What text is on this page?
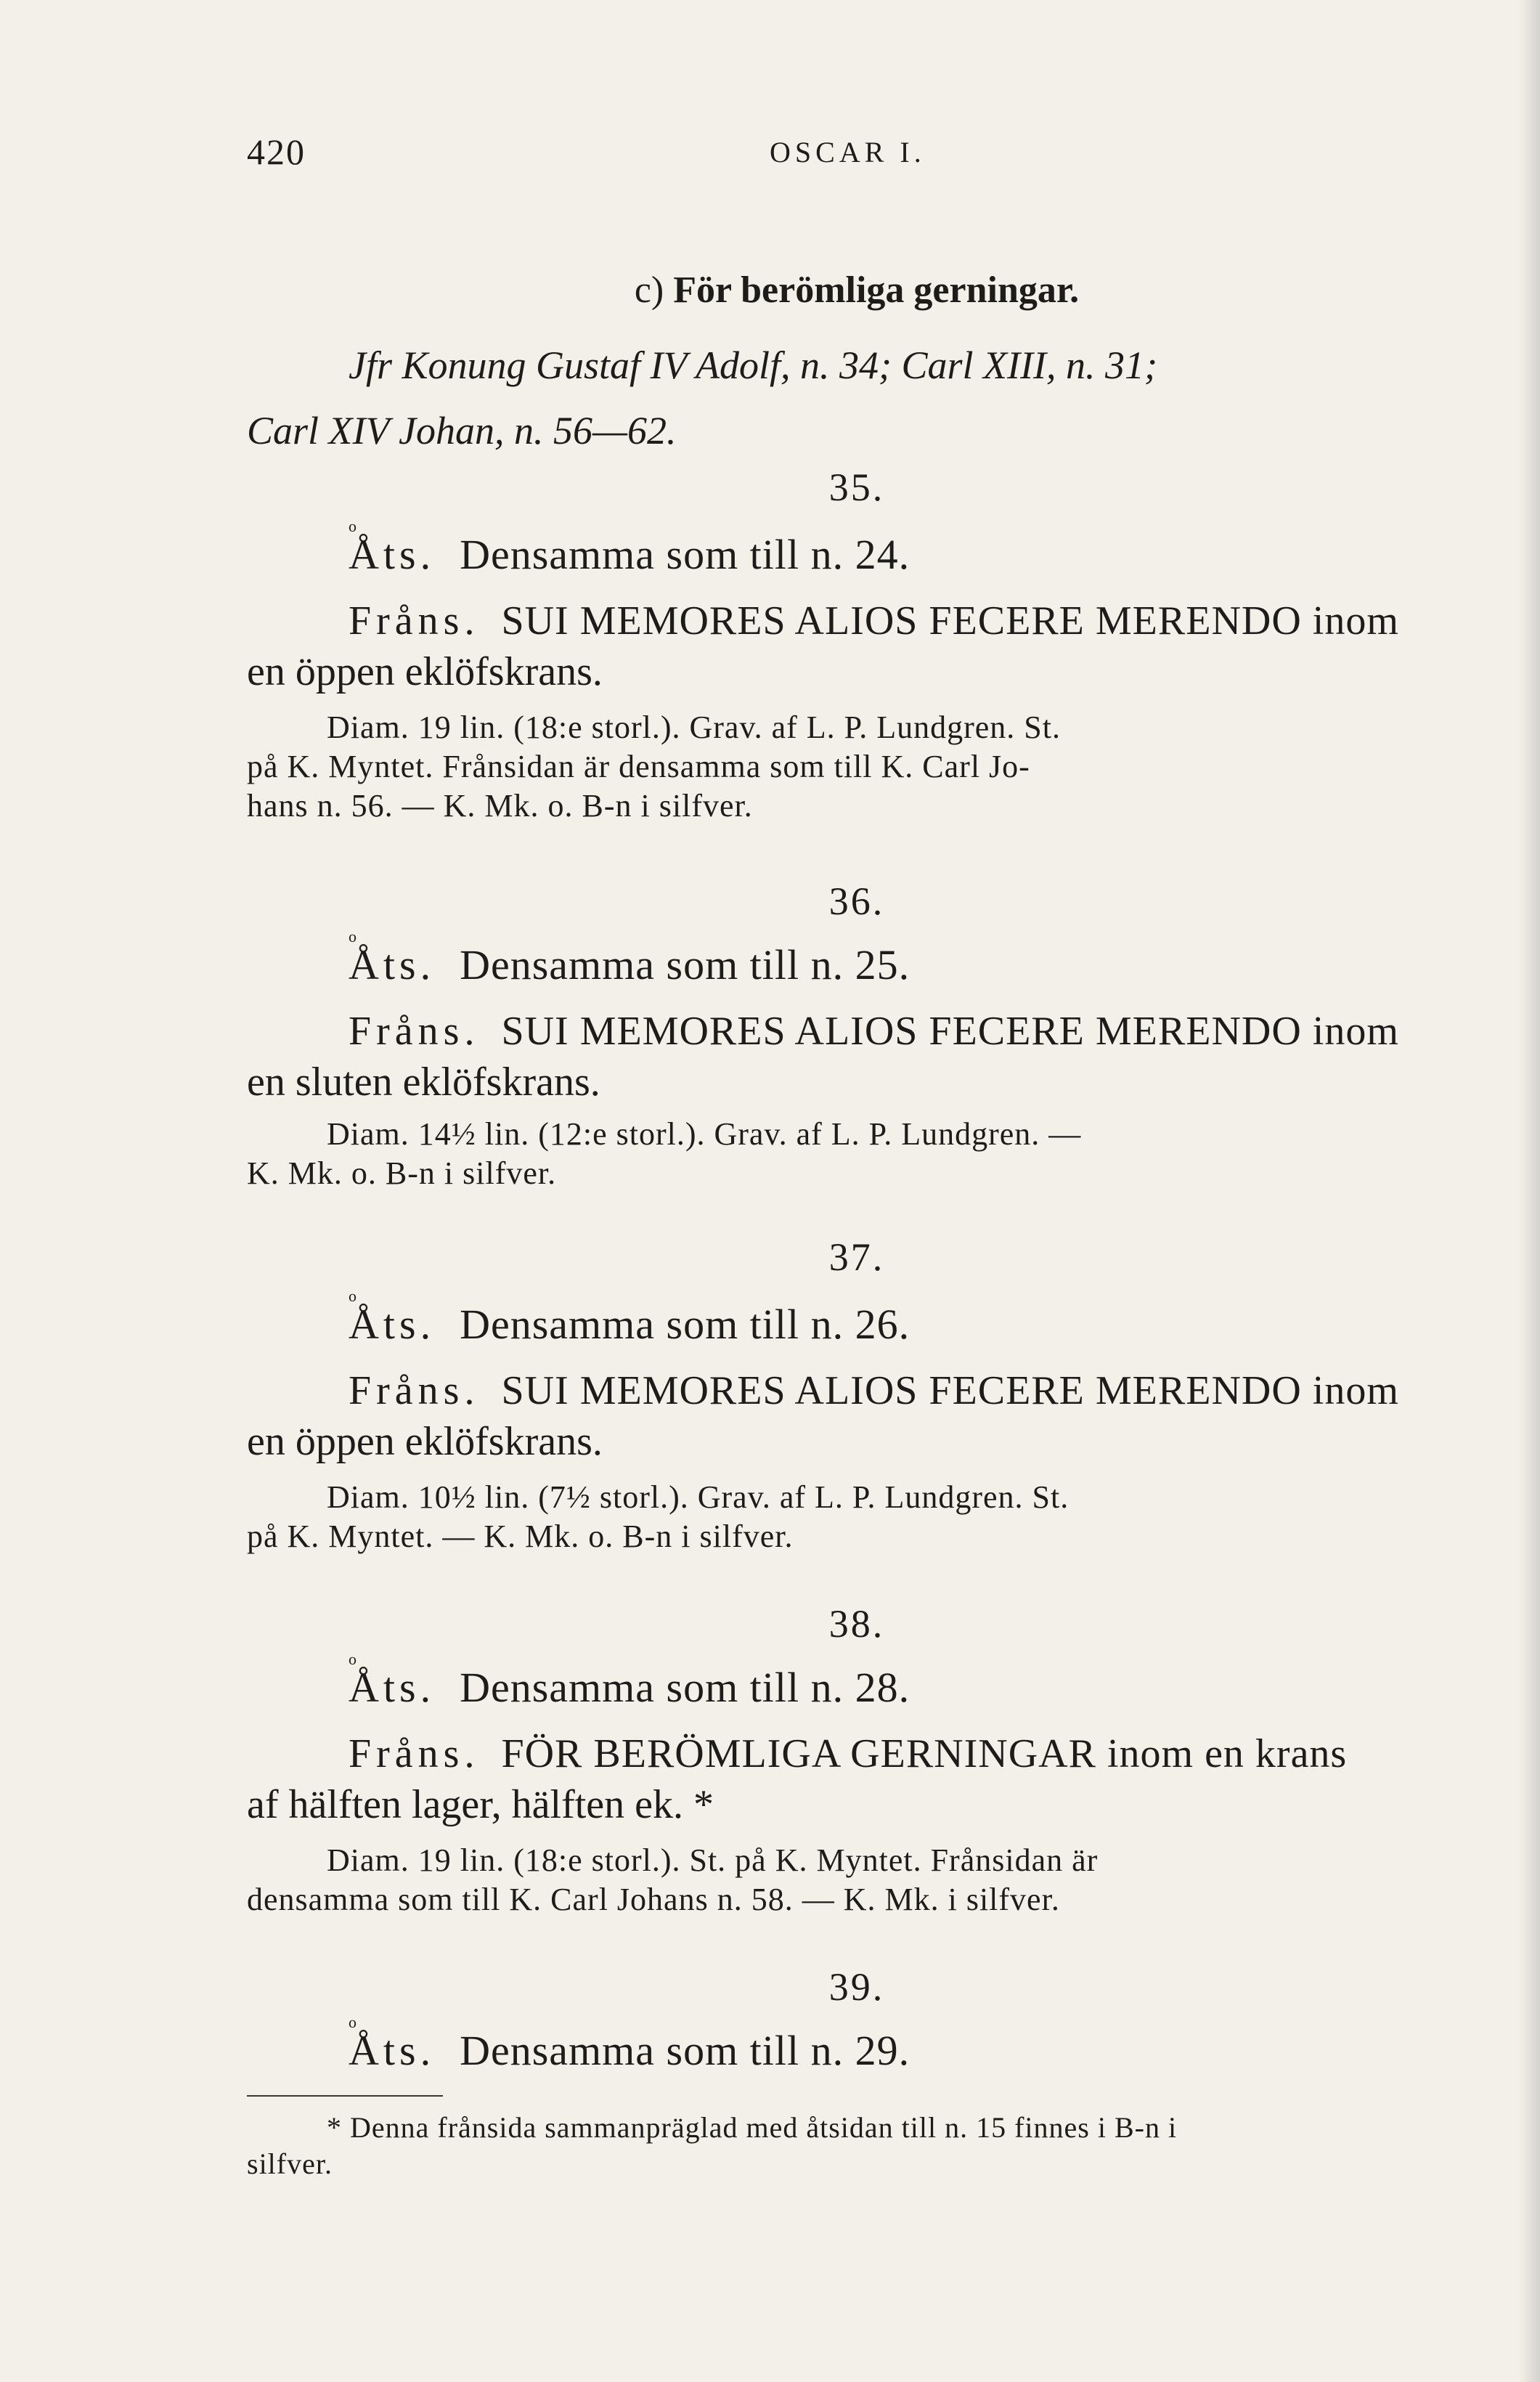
420	OSCAR I.
c) För berömliga gerningar.
Jfr Konung Gustaf IV Adolf, n. 34; Carl XIII, n. 31;
Carl XIV Johan, n. 56—62.
35.
o
Åts. Densamma som till n. 24.
Fråns. SUI MEMORES ALIOS FECERE MERENDO inom
en öppen eklöfskrans.
Diam. 19 lin. (18:e storl.). Grav. af L. P. Lundgren. St.
på K. Myntet. Frånsidan är densamma som till K. Carl Jo-
hans n. 56. — K. Mk. o. B-n i silfver.
36.
o
Åts. Densamma som till n. 25.
Fråns. SUI MEMORES ALIOS FECERE MERENDO inom
en sluten eklöfskrans.
Diam. 14½ lin. (12:e storl.). Grav. af L. P. Lundgren. —
K. Mk. o. B-n i silfver.
37.
o
Åts. Densamma som till n. 26.
Fråns. SUI MEMORES ALIOS FECERE MERENDO inom
en öppen eklöfskrans.
Diam. 10½ lin. (7½ storl.). Grav. af L. P. Lundgren. St.
på K. Myntet. — K. Mk. o. B-n i silfver.
38.
o
Åts. Densamma som till n. 28.
Fråns. FÖR BERÖMLIGA GERNINGAR inom en krans
af hälften lager, hälften ek. *
Diam. 19 lin. (18:e storl.). St. på K. Myntet. Frånsidan är
densamma som till K. Carl Johans n. 58. — K. Mk. i silfver.
39.
o
Åts. Densamma som till n. 29.
* Denna frånsida sammanpräglad med åtsidan till n. 15 finnes i B-n i
silfver.
